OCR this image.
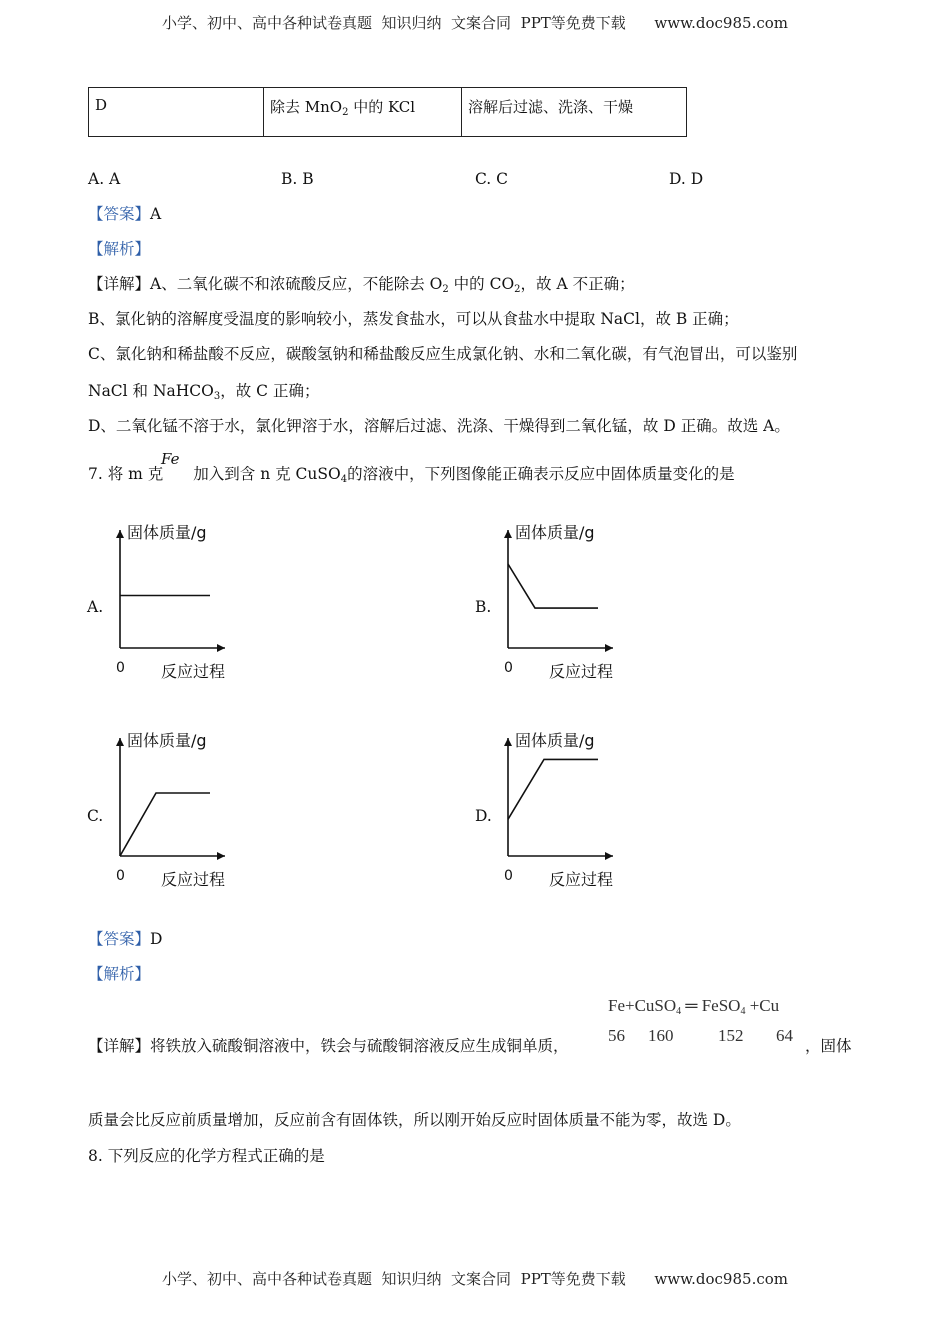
小学、初中、高中各种试卷真题  知识归纳  文案合同  PPT等免费下载      www.doc985.com
D	除去 MnO$_2$ 中的 KCl	溶解后过滤、洗涤、干燥
A. A	B. B	C. C	D. D
【答案】A
【解析】
【详解】A、二氧化碳不和浓硫酸反应，不能除去 $O_2$ 中的 $CO_2$，故 A 不正确；
B、氯化钠的溶解度受温度的影响较小，蒸发食盐水，可以从食盐水中提取 NaCl，故 B 正确；
C、氯化钠和稀盐酸不反应，碳酸氢钠和稀盐酸反应生成氯化钠、水和二氧化碳，有气泡冒出，可以鉴别
NaCl 和 NaHCO$_3$，故 C 正确；
D、二氧化锰不溶于水，氯化钾溶于水，溶解后过滤、洗涤、干燥得到二氧化锰，故 D 正确。故选 A。
7. 将 m 克 加入到含 n 克 CuSO$_4$的溶液中，下列图像能正确表示反应中固体质量变化的是
Fe
A.	B.
C.	D.
固体质量/g
反应过程
0
固体质量/g
反应过程
0
固体质量/g
反应过程
0
固体质量/g
反应过程
0
【答案】D
【解析】
Fe+CuSO$_4$ ═ FeSO$_4$ +Cu
56 160	152 64
【详解】将铁放入硫酸铜溶液中，铁会与硫酸铜溶液反应生成铜单质，	，固体
质量会比反应前质量增加，反应前含有固体铁，所以刚开始反应时固体质量不能为零，故选 D。
8. 下列反应的化学方程式正确的是
小学、初中、高中各种试卷真题  知识归纳  文案合同  PPT等免费下载      www.doc985.com
